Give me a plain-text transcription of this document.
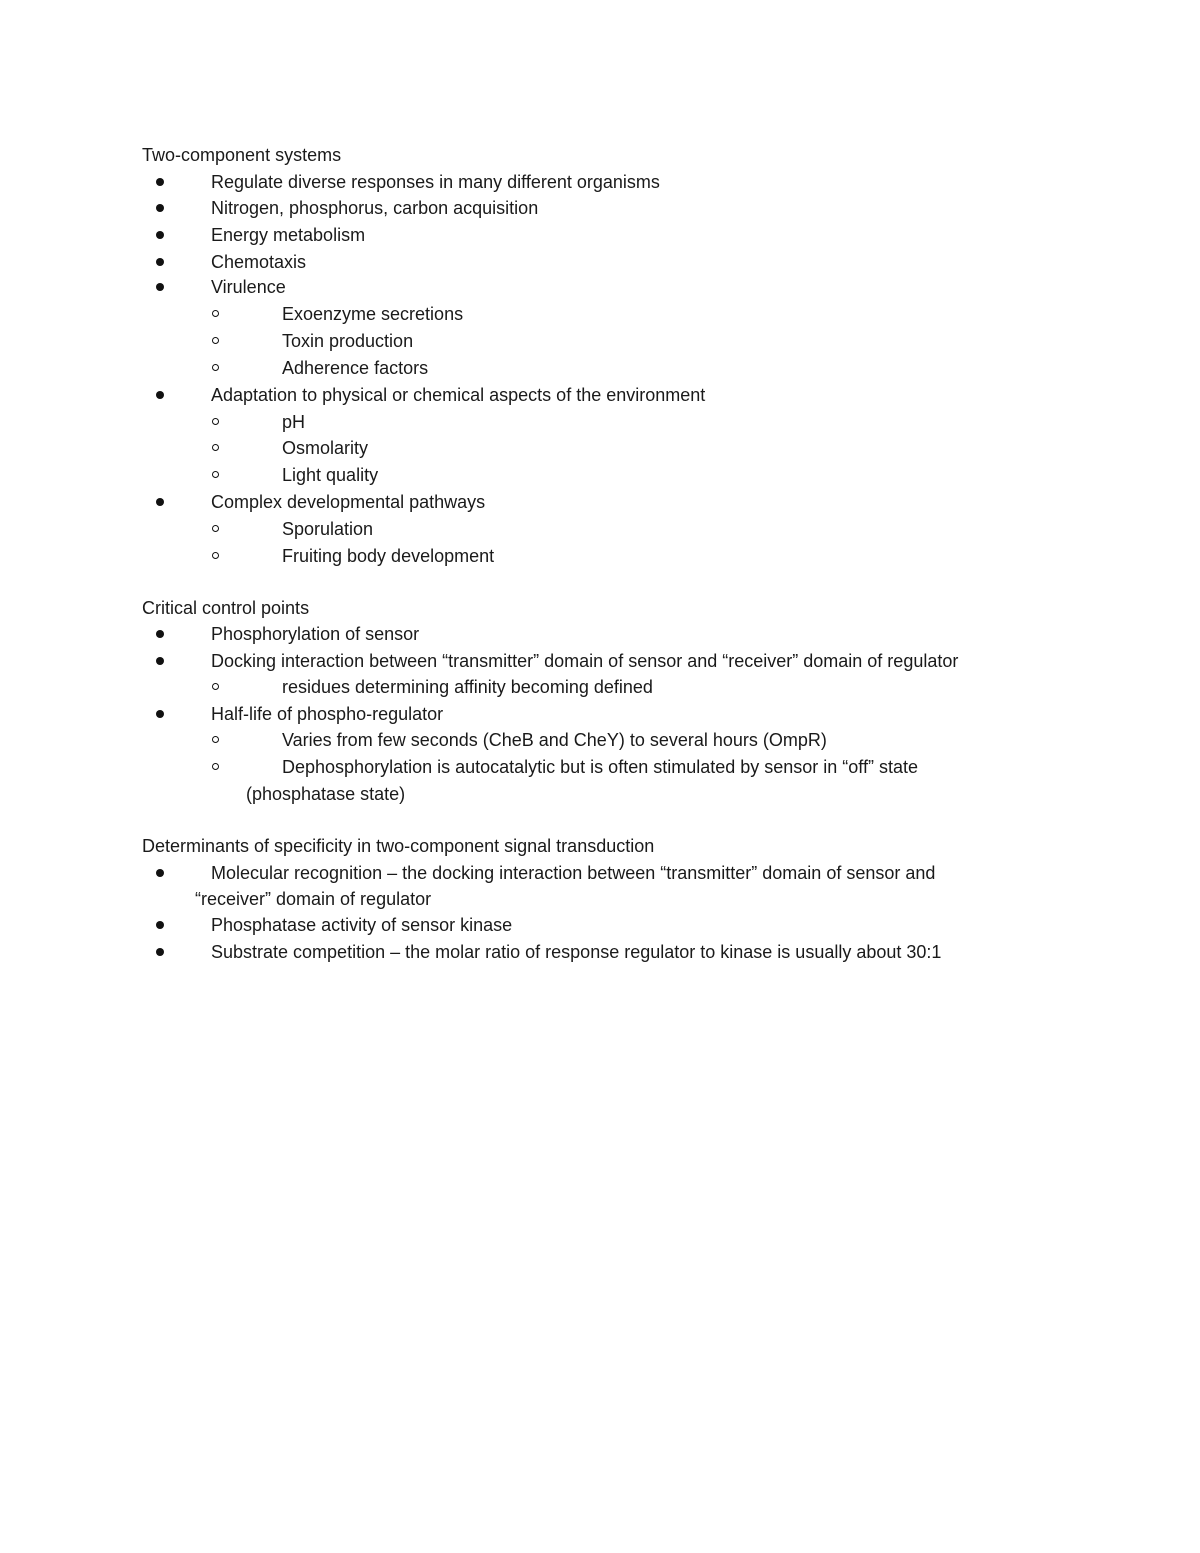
Two-component systems
Regulate diverse responses in many different organisms
Nitrogen, phosphorus, carbon acquisition
Energy metabolism
Chemotaxis
Virulence
Exoenzyme secretions
Toxin production
Adherence factors
Adaptation to physical or chemical aspects of the environment
pH
Osmolarity
Light quality
Complex developmental pathways
Sporulation
Fruiting body development
Critical control points
Phosphorylation of sensor
Docking interaction between “transmitter” domain of sensor and “receiver” domain of regulator
residues determining affinity becoming defined
Half-life of phospho-regulator
Varies from few seconds (CheB and CheY) to several hours (OmpR)
Dephosphorylation is autocatalytic but is often stimulated by sensor in “off” state
(phosphatase state)
Determinants of specificity in two-component signal transduction
Molecular recognition – the docking interaction between “transmitter” domain of sensor and
“receiver” domain of regulator
Phosphatase activity of sensor kinase
Substrate competition – the molar ratio of response regulator to kinase is usually about 30:1
